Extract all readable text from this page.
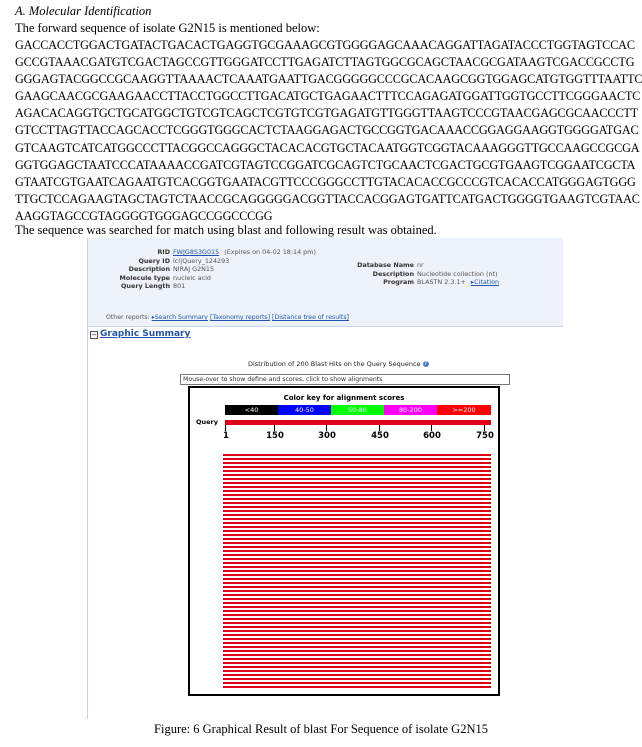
A. Molecular Identification
The forward sequence of isolate G2N15 is mentioned below:
GACCACCTGGACTGATACTGACACTGAGGTGCGAAAGCGTGGGGAGCAAACAGGATTAGATACCCTGGTAGTCCAC
GCCGTAAACGATGTCGACTAGCCGTTGGGATCCTTGAGATCTTAGTGGCGCAGCTAACGCGATAAGTCGACCGCCTG
GGGAGTACGGCCGCAAGGTTAAAACTCAAATGAATTGACGGGGGCCCGCACAAGCGGTGGAGCATGTGGTTTAATTC
GAAGCAACGCGAAGAACCTTACCTGGCCTTGACATGCTGAGAACTTTCCAGAGATGGATTGGTGCCTTCGGGAACTC
AGACACAGGTGCTGCATGGCTGTCGTCAGCTCGTGTCGTGAGATGTTGGGTTAAGTCCCGTAACGAGCGCAACCCTT
GTCCTTAGTTACCAGCACCTCGGGTGGGCACTCTAAGGAGACTGCCGGTGACAAACCGGAGGAAGGTGGGGATGAC
GTCAAGTCATCATGGCCCTTACGGCCAGGGCTACACACGTGCTACAATGGTCGGTACAAAGGGTTGCCAAGCCGCGA
GGTGGAGCTAATCCCATAAAACCGATCGTAGTCCGGATCGCAGTCTGCAACTCGACTGCGTGAAGTCGGAATCGCTA
GTAATCGTGAATCAGAATGTCACGGTGAATACGTTCCCGGGCCTTGTACACACCGCCCGTCACACCATGGGAGTGGG
TTGCTCCAGAAGTAGCTAGTCTAACCGCAGGGGGACGGTTACCACGGAGTGATTCATGACTGGGGTGAAGTCGTAAC
AAGGTAGCCGTAGGGGTGGGAGCCGGCCCGG
The sequence was searched for match using blast and following result was obtained.
RID FWJG8S3G015 (Expires on 04-02 18:14 pm)
Query ID lcl|Query_124293
Description NIRAJ G2N15
Molecule type nucleic acid
Query Length 801
Database Name nr
Description Nucleotide collection (nt)
Program BLASTN 2.3.1+ ▸Citation
Other reports: ▸Search Summary [Taxonomy reports] [Distance tree of results]
− Graphic Summary
Distribution of 200 Blast Hits on the Query Sequence ?
Mouse-over to show define and scores, click to show alignments
Color key for alignment scores
<40	40-50	50-80	80-200	>=200
Query
1	150	300	450	600	750
Figure: 6 Graphical Result of blast For Sequence of isolate G2N15
